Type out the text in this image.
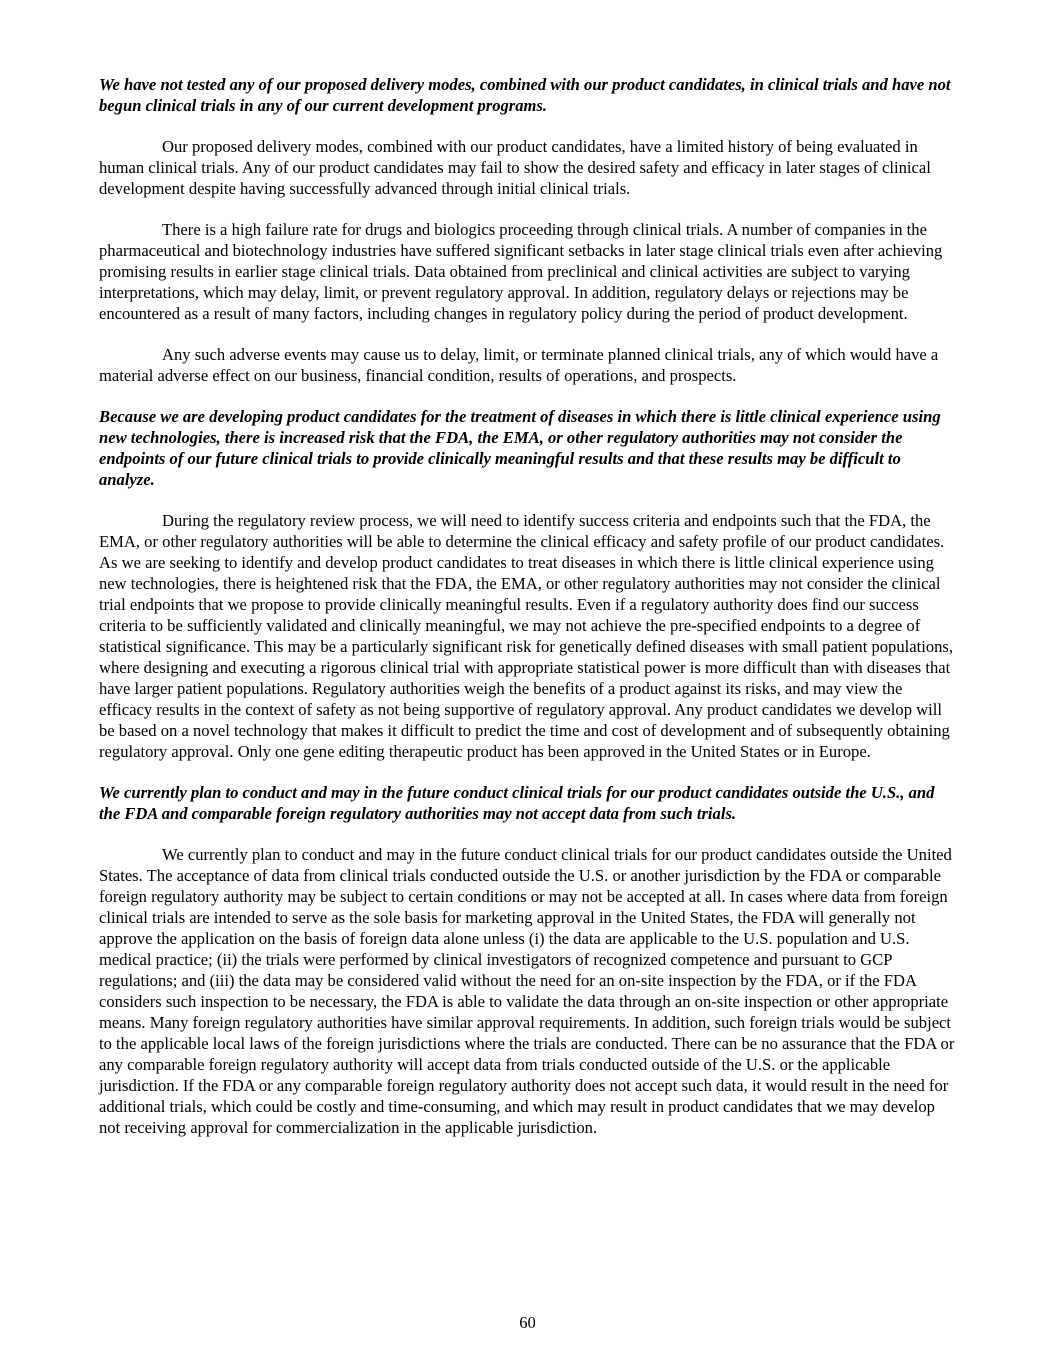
We have not tested any of our proposed delivery modes, combined with our product candidates, in clinical trials and have not begun clinical trials in any of our current development programs.
Our proposed delivery modes, combined with our product candidates, have a limited history of being evaluated in human clinical trials. Any of our product candidates may fail to show the desired safety and efficacy in later stages of clinical development despite having successfully advanced through initial clinical trials.
There is a high failure rate for drugs and biologics proceeding through clinical trials. A number of companies in the pharmaceutical and biotechnology industries have suffered significant setbacks in later stage clinical trials even after achieving promising results in earlier stage clinical trials. Data obtained from preclinical and clinical activities are subject to varying interpretations, which may delay, limit, or prevent regulatory approval. In addition, regulatory delays or rejections may be encountered as a result of many factors, including changes in regulatory policy during the period of product development.
Any such adverse events may cause us to delay, limit, or terminate planned clinical trials, any of which would have a material adverse effect on our business, financial condition, results of operations, and prospects.
Because we are developing product candidates for the treatment of diseases in which there is little clinical experience using new technologies, there is increased risk that the FDA, the EMA, or other regulatory authorities may not consider the endpoints of our future clinical trials to provide clinically meaningful results and that these results may be difficult to analyze.
During the regulatory review process, we will need to identify success criteria and endpoints such that the FDA, the EMA, or other regulatory authorities will be able to determine the clinical efficacy and safety profile of our product candidates. As we are seeking to identify and develop product candidates to treat diseases in which there is little clinical experience using new technologies, there is heightened risk that the FDA, the EMA, or other regulatory authorities may not consider the clinical trial endpoints that we propose to provide clinically meaningful results. Even if a regulatory authority does find our success criteria to be sufficiently validated and clinically meaningful, we may not achieve the pre-specified endpoints to a degree of statistical significance. This may be a particularly significant risk for genetically defined diseases with small patient populations, where designing and executing a rigorous clinical trial with appropriate statistical power is more difficult than with diseases that have larger patient populations. Regulatory authorities weigh the benefits of a product against its risks, and may view the efficacy results in the context of safety as not being supportive of regulatory approval. Any product candidates we develop will be based on a novel technology that makes it difficult to predict the time and cost of development and of subsequently obtaining regulatory approval. Only one gene editing therapeutic product has been approved in the United States or in Europe.
We currently plan to conduct and may in the future conduct clinical trials for our product candidates outside the U.S., and the FDA and comparable foreign regulatory authorities may not accept data from such trials.
We currently plan to conduct and may in the future conduct clinical trials for our product candidates outside the United States. The acceptance of data from clinical trials conducted outside the U.S. or another jurisdiction by the FDA or comparable foreign regulatory authority may be subject to certain conditions or may not be accepted at all. In cases where data from foreign clinical trials are intended to serve as the sole basis for marketing approval in the United States, the FDA will generally not approve the application on the basis of foreign data alone unless (i) the data are applicable to the U.S. population and U.S. medical practice; (ii) the trials were performed by clinical investigators of recognized competence and pursuant to GCP regulations; and (iii) the data may be considered valid without the need for an on-site inspection by the FDA, or if the FDA considers such inspection to be necessary, the FDA is able to validate the data through an on-site inspection or other appropriate means. Many foreign regulatory authorities have similar approval requirements. In addition, such foreign trials would be subject to the applicable local laws of the foreign jurisdictions where the trials are conducted. There can be no assurance that the FDA or any comparable foreign regulatory authority will accept data from trials conducted outside of the U.S. or the applicable jurisdiction. If the FDA or any comparable foreign regulatory authority does not accept such data, it would result in the need for additional trials, which could be costly and time-consuming, and which may result in product candidates that we may develop not receiving approval for commercialization in the applicable jurisdiction.
60
